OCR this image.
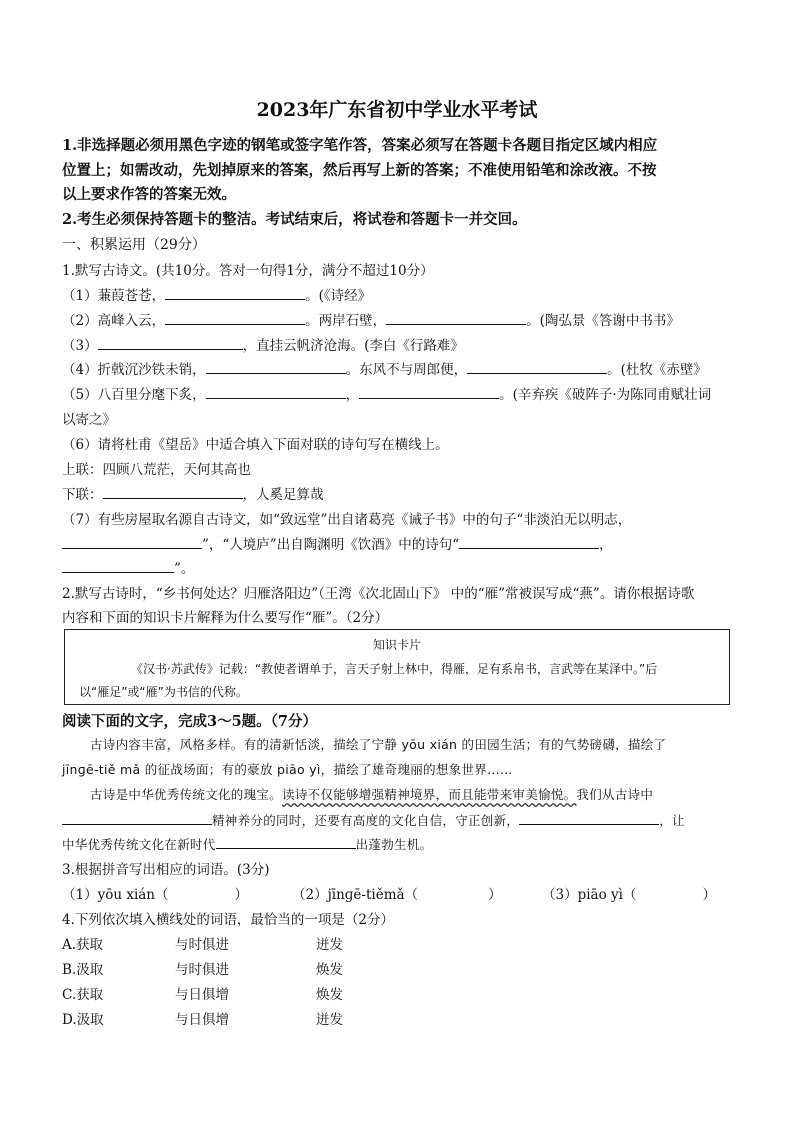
2023年广东省初中学业水平考试
1.非选择题必须用黑色字迹的钢笔或签字笔作答，答案必须写在答题卡各题目指定区域内相应
位置上；如需改动，先划掉原来的答案，然后再写上新的答案；不准使用铅笔和涂改液。不按
以上要求作答的答案无效。
2.考生必须保持答题卡的整洁。考试结束后，将试卷和答题卡一并交回。
一、积累运用（29分）
1.默写古诗文。(共10分。答对一句得1分，满分不超过10分）
（1）蒹葭苍苍，	。(《诗经》
（2）高峰入云，	。两岸石壁，	。(陶弘景《答谢中书书》
（3）	，直挂云帆济沧海。(李白《行路难》
（4）折戟沉沙铁未销，	。东风不与周郎便，	。(杜牧《赤壁》
（5）八百里分麾下炙，	，	。(辛弃疾《破阵子·为陈同甫赋壮词
以寄之》
（6）请将杜甫《望岳》中适合填入下面对联的诗句写在横线上。
上联：四顾八荒茫，天何其高也
下联：	，人奚足算哉
（7）有些房屋取名源自古诗文，如“致远堂”出自诸葛亮《诫子书》中的句子“非淡泊无以明志，
”，“人境庐”出自陶渊明《饮酒》中的诗句“	，
”。
2.默写古诗时，“乡书何处达？归雁洛阳边”（王湾《次北固山下》 中的“雁”常被误写成“燕”。请你根据诗歌
内容和下面的知识卡片解释为什么要写作“雁”。（2分）
知识卡片
《汉书·苏武传》记载：“教使者谓单于，言天子射上林中，得雁，足有系帛书，言武等在某泽中。”后
以“雁足”或“雁”为书信的代称。
阅读下面的文字，完成3～5题。（7分）
古诗内容丰富，风格多样。有的清新恬淡，描绘了宁静 yōu xián 的田园生活；有的气势磅礴，描绘了
jīnɡē-tiě mǎ 的征战场面；有的豪放 piāo yì，描绘了雄奇瑰丽的想象世界……
古诗是中华优秀传统文化的瑰宝。读诗不仅能够增强精神境界，而且能带来审美愉悦。我们从古诗中
精神养分的同时，还要有高度的文化自信，守正创新，	，让
中华优秀传统文化在新时代	出蓬勃生机。
3.根据拼音写出相应的词语。(3分)
（1）yōu xián（	）	（2）jīnɡē-tiěmǎ（	）	（3）piāo yì（	）
4.下列依次填入横线处的词语，最恰当的一项是（2分）
A.获取	与时俱进	迸发
B.汲取	与时俱进	焕发
C.获取	与日俱增	焕发
D.汲取	与日俱增	迸发
